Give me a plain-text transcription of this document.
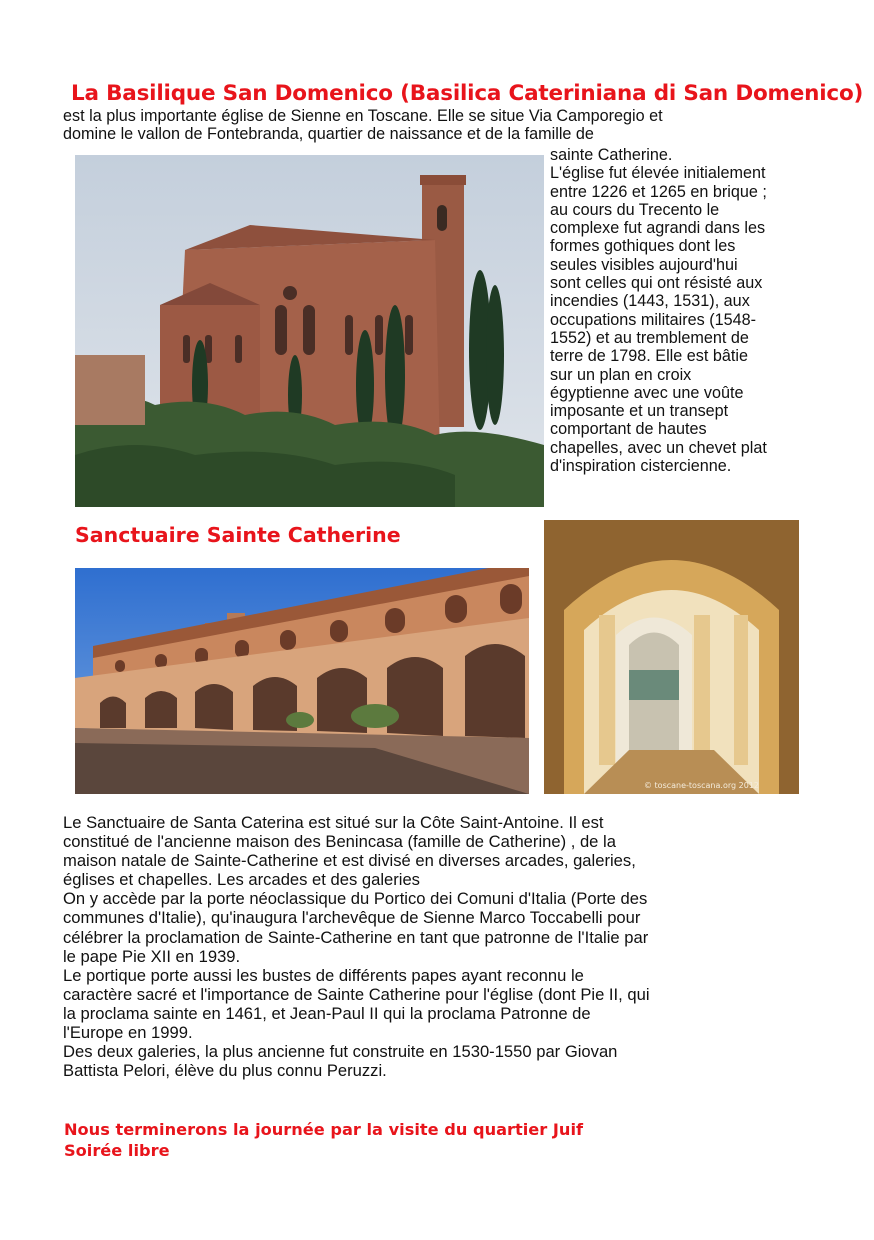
La Basilique San Domenico (Basilica Cateriniana di San Domenico)
est la plus importante église de Sienne en Toscane. Elle se situe Via Camporegio et
domine le vallon de Fontebranda, quartier de naissance et de la famille de
sainte Catherine.
L'église fut élevée initialement
entre 1226 et 1265 en brique ;
au cours du Trecento le
complexe fut agrandi dans les
formes gothiques dont les
seules visibles aujourd'hui
sont celles qui ont résisté aux
incendies (1443, 1531), aux
occupations militaires (1548-
1552) et au tremblement de
terre de 1798. Elle est bâtie
sur un plan en croix
égyptienne avec une voûte
imposante et un transept
comportant de hautes
chapelles, avec un chevet plat
d'inspiration cistercienne.
Sanctuaire Sainte Catherine
© toscane-toscana.org 2012
Le Sanctuaire de Santa Caterina est situé sur la Côte Saint-Antoine. Il est
constitué de l'ancienne maison des Benincasa (famille de Catherine) , de la
maison natale de Sainte-Catherine et est divisé en diverses arcades, galeries,
églises et chapelles. Les arcades et des galeries
On y accède par la porte néoclassique du Portico dei Comuni d'Italia (Porte des
communes d'Italie), qu'inaugura l'archevêque de Sienne Marco Toccabelli pour
célébrer la proclamation de Sainte-Catherine en tant que patronne de l'Italie par
le pape Pie XII en 1939.
Le portique porte aussi les bustes de différents papes ayant reconnu le
caractère sacré et l'importance de Sainte Catherine pour l'église (dont Pie II, qui
la proclama sainte en 1461, et Jean-Paul II qui la proclama Patronne de
l'Europe en 1999.
Des deux galeries, la plus ancienne fut construite en 1530-1550 par Giovan
Battista Pelori, élève du plus connu Peruzzi.
Nous terminerons la journée par la visite du quartier Juif
Soirée libre
